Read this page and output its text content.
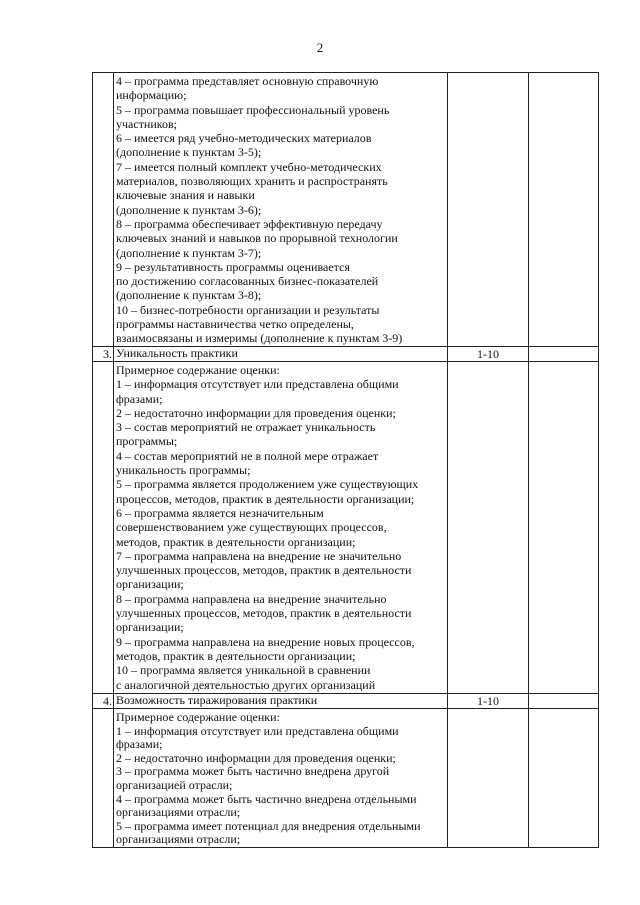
2
4 – программа представляет основную справочную
информацию;
5 – программа повышает профессиональный уровень
участников;
6 – имеется ряд учебно-методических материалов
(дополнение к пунктам 3-5);
7 – имеется полный комплект учебно-методических
материалов, позволяющих хранить и распространять
ключевые знания и навыки
(дополнение к пунктам 3-6);
8 – программа обеспечивает эффективную передачу
ключевых знаний и навыков по прорывной технологии
(дополнение к пунктам 3-7);
9 – результативность программы оценивается
по достижению согласованных бизнес-показателей
(дополнение к пунктам 3-8);
10 – бизнес-потребности организации и результаты
программы наставничества четко определены,
взаимосвязаны и измеримы (дополнение к пунктам 3-9)
3. Уникальность практики	1-10
Примерное содержание оценки:
1 – информация отсутствует или представлена общими
фразами;
2 – недостаточно информации для проведения оценки;
3 – состав мероприятий не отражает уникальность
программы;
4 – состав мероприятий не в полной мере отражает
уникальность программы;
5 – программа является продолжением уже существующих
процессов, методов, практик в деятельности организации;
6 – программа является незначительным
совершенствованием уже существующих процессов,
методов, практик в деятельности организации;
7 – программа направлена на внедрение не значительно
улучшенных процессов, методов, практик в деятельности
организации;
8 – программа направлена на внедрение значительно
улучшенных процессов, методов, практик в деятельности
организации;
9 – программа направлена на внедрение новых процессов,
методов, практик в деятельности организации;
10 – программа является уникальной в сравнении
с аналогичной деятельностью других организаций
4. Возможность тиражирования практики	1-10
Примерное содержание оценки:
1 – информация отсутствует или представлена общими
фразами;
2 – недостаточно информации для проведения оценки;
3 – программа может быть частично внедрена другой
организацией отрасли;
4 – программа может быть частично внедрена отдельными
организациями отрасли;
5 – программа имеет потенциал для внедрения отдельными
организациями отрасли;
